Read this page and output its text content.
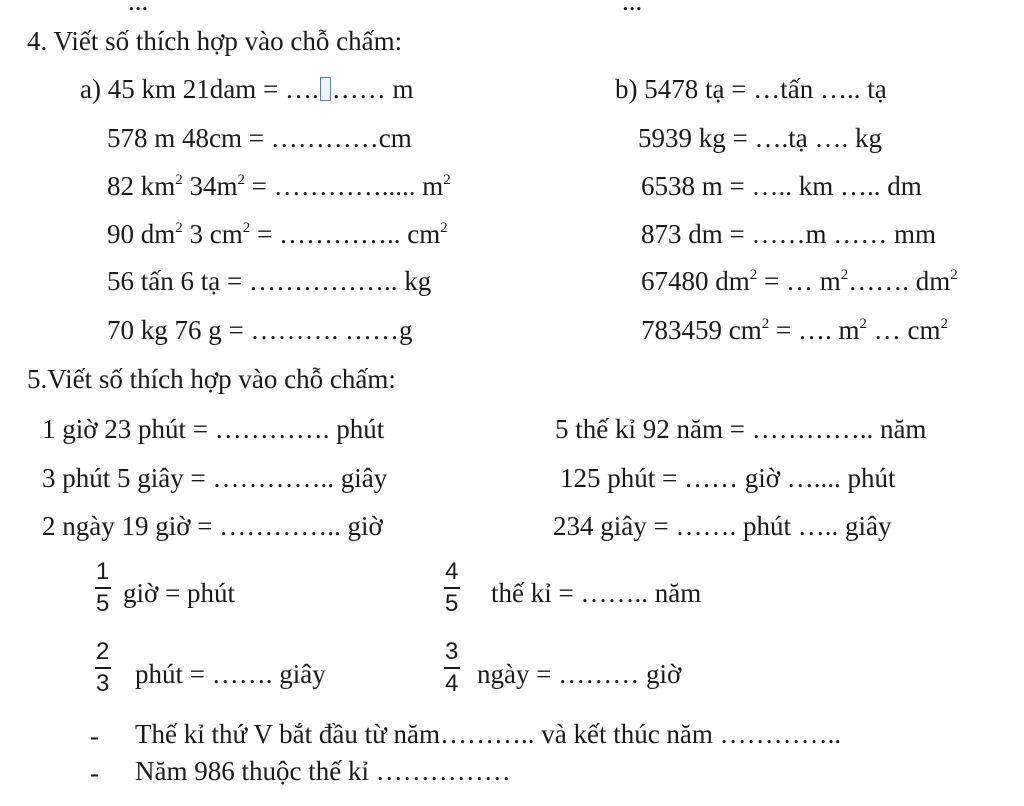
...	...
4. Viết số thích hợp vào chỗ chấm:
a) 45 km 21dam = …. …… m	b) 5478 tạ = …tấn ….. tạ
578 m 48cm = …………cm
82 $km^2$ $34m^2$ = …………..... $m^2$
90 $dm^2$ 3 $cm^2$ = ………….. $cm^2$
56 tấn 6 tạ = …………….. kg
70 kg 76 g = ………. ……g
5939 kg = ….tạ …. kg
6538 m = ….. km ….. dm
873 dm = ……m …… mm
67480 $dm^2$ = … $m^2\dots\dots$. $dm^2$
783459 $cm^2$ = …. $m^2$ … $cm^2$
5.Viết số thích hợp vào chỗ chấm:
1 giờ 23 phút = …………. phút
3 phút 5 giây = ………….. giây
2 ngày 19 giờ = ………….. giờ
5 thế kỉ 92 năm = ………….. năm
125 phút = …… giờ ….... phút
234 giây = ……. phút ….. giây
1
5 giờ = phút
4
5 thế kỉ = …….. năm
2
3 phút = ……. giây
3
4 ngày = ……… giờ
- Thế kỉ thứ V bắt đầu từ năm……….. và kết thúc năm …………..
- Năm 986 thuộc thế kỉ ……………
